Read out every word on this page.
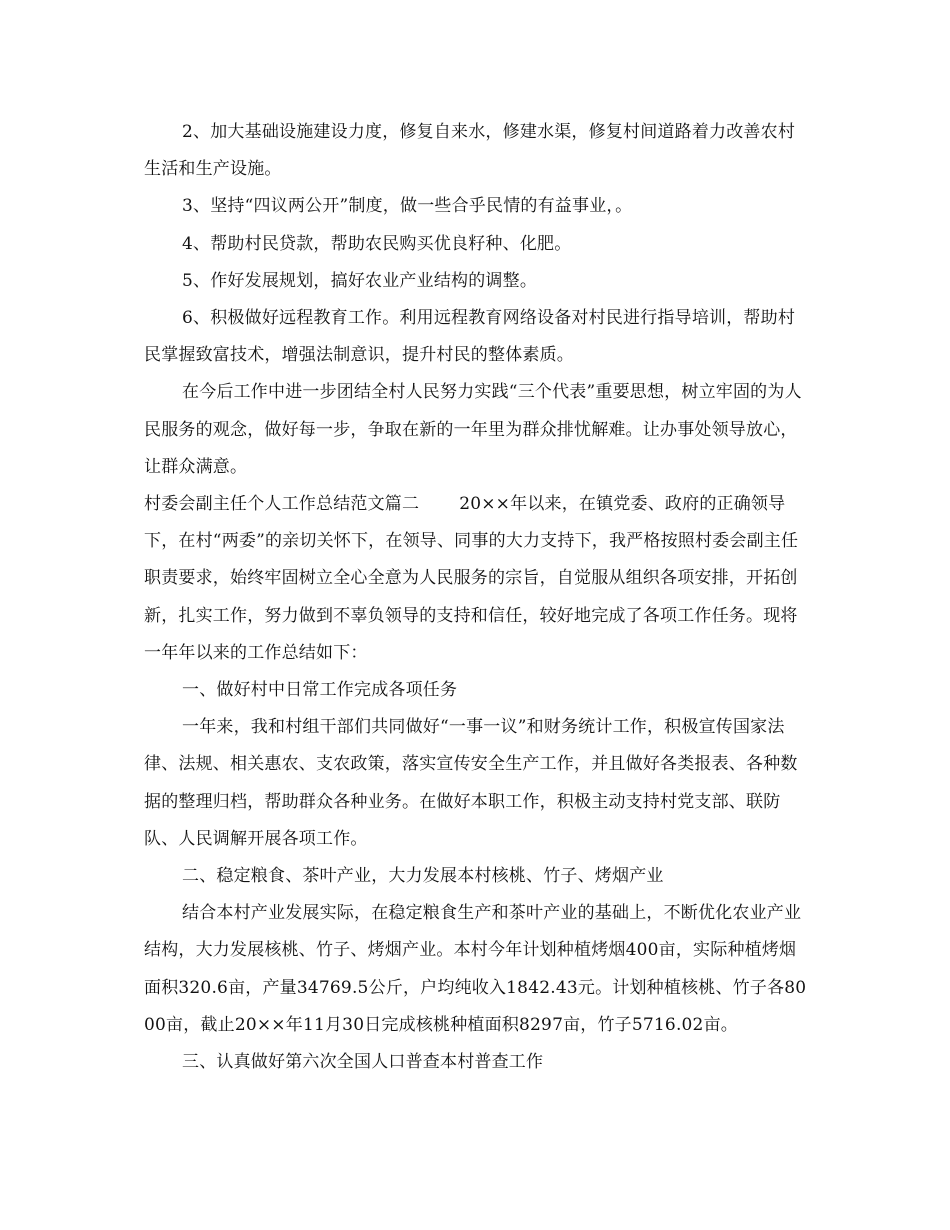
2、加大基础设施建设力度，修复自来水，修建水渠，修复村间道路着力改善农村生活和生产设施。

3、坚持“四议两公开”制度，做一些合乎民情的有益事业，。

4、帮助村民贷款，帮助农民购买优良籽种、化肥。

5、作好发展规划，搞好农业产业结构的调整。

6、积极做好远程教育工作。利用远程教育网络设备对村民进行指导培训，帮助村民掌握致富技术，增强法制意识，提升村民的整体素质。

在今后工作中进一步团结全村人民努力实践“三个代表”重要思想，树立牢固的为人民服务的观念，做好每一步，争取在新的一年里为群众排忧解难。让办事处领导放心，让群众满意。

村委会副主任个人工作总结范文篇二　　 20××年以来，在镇党委、政府的正确领导下，在村“两委”的亲切关怀下，在领导、同事的大力支持下，我严格按照村委会副主任职责要求，始终牢固树立全心全意为人民服务的宗旨，自觉服从组织各项安排，开拓创新，扎实工作，努力做到不辜负领导的支持和信任，较好地完成了各项工作任务。现将一年年以来的工作总结如下：

一、做好村中日常工作完成各项任务

一年来，我和村组干部们共同做好“一事一议”和财务统计工作，积极宣传国家法律、法规、相关惠农、支农政策，落实宣传安全生产工作，并且做好各类报表、各种数据的整理归档，帮助群众各种业务。在做好本职工作，积极主动支持村党支部、联防队、人民调解开展各项工作。

二、稳定粮食、茶叶产业，大力发展本村核桃、竹子、烤烟产业

结合本村产业发展实际，在稳定粮食生产和茶叶产业的基础上，不断优化农业产业结构，大力发展核桃、竹子、烤烟产业。本村今年计划种植烤烟400亩，实际种植烤烟面积320.6亩，产量34769.5公斤，户均纯收入1842.43元。计划种植核桃、竹子各8000亩，截止20××年11月30日完成核桃种植面积8297亩，竹子5716.02亩。

三、认真做好第六次全国人口普查本村普查工作
